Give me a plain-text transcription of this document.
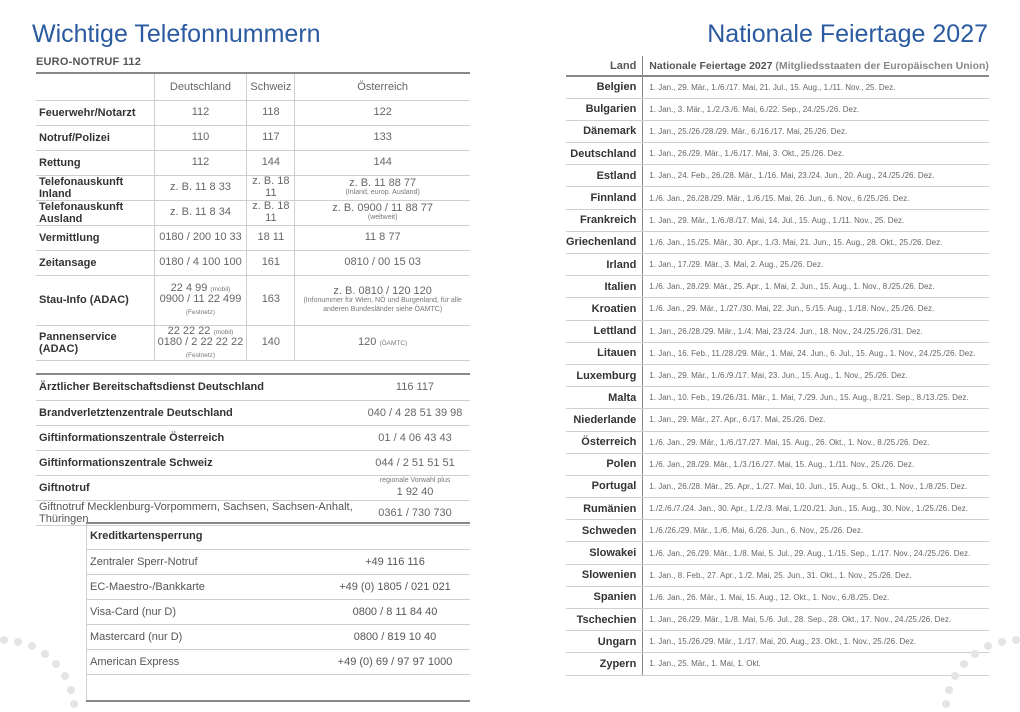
Wichtige Telefonnummern	Nationale Feiertage 2027
EURO-NOTRUF 112
	Deutschland	Schweiz	Österreich
Feuerwehr/Notarzt	112	118	122
Notruf/Polizei	110	117	133
Rettung	112	144	144
Telefonauskunft Inland	z. B. 11 8 33	z. B. 18 11	z. B. 11 88 77
(Inland, europ. Ausland)

Telefonauskunft Ausland	z. B. 11 8 34	z. B. 18 11	z. B. 0900 / 11 88 77
(weltweit)

Vermittlung	0180 / 200 10 33	18 11	11 8 77
Zeitansage	0180 / 4 100 100	161	0810 / 00 15 03
Stau-Info (ADAC)	22 4 99 (mobil)
0900 / 11 22 499 (Festnetz)	163	z. B. 0810 / 120 120
(Infonummer für Wien, NÖ und Burgenland, für alle anderen Bundesländer siehe ÖAMTC)

Pannenservice (ADAC)	22 22 22 (mobil)
0180 / 2 22 22 22 (Festnetz)	140	120 (ÖAMTC)
Ärztlicher Bereitschaftsdienst Deutschland	116 117
Brandverletztenzentrale Deutschland	040 / 4 28 51 39 98
Giftinformationszentrale Österreich	01 / 4 06 43 43
Giftinformationszentrale Schweiz	044 / 2 51 51 51
Giftnotruf	regionale Vorwahl plus
1 92 40
Giftnotruf Mecklenburg-Vorpommern, Sachsen, Sachsen-Anhalt, Thüringen	0361 / 730 730
Kreditkartensperrung	
Zentraler Sperr-Notruf	+49 116 116
EC-Maestro-/Bankkarte	+49 (0) 1805 / 021 021
Visa-Card (nur D)	0800 / 8 11 84 40
Mastercard (nur D)	0800 / 819 10 40
American Express	+49 (0) 69 / 97 97 1000
Land	Nationale Feiertage 2027 (Mitgliedsstaaten der Europäischen Union)
Belgien	1. Jan., 29. Mär., 1./6./17. Mai, 21. Jul., 15. Aug., 1./11. Nov., 25. Dez.
Bulgarien	1. Jan., 3. Mär., 1./2./3./6. Mai, 6./22. Sep., 24./25./26. Dez.
Dänemark	1. Jan., 25./26./28./29. Mär., 6./16./17. Mai, 25./26. Dez.
Deutschland	1. Jan., 26./29. Mär., 1./6./17. Mai, 3. Okt., 25./26. Dez.
Estland	1. Jan., 24. Feb., 26./28. Mär., 1./16. Mai, 23./24. Jun., 20. Aug., 24./25./26. Dez.
Finnland	1./6. Jan., 26./28./29. Mär., 1./6./15. Mai, 26. Jun., 6. Nov., 6./25./26. Dez.
Frankreich	1. Jan., 29. Mär., 1./6./8./17. Mai, 14. Jul., 15. Aug., 1./11. Nov., 25. Dez.
Griechenland	1./6. Jan., 15./25. Mär., 30. Apr., 1./3. Mai, 21. Jun., 15. Aug., 28. Okt., 25./26. Dez.
Irland	1. Jan., 17./29. Mär., 3. Mai, 2. Aug., 25./26. Dez.
Italien	1./6. Jan., 28./29. Mär., 25. Apr., 1. Mai, 2. Jun., 15. Aug., 1. Nov., 8./25./26. Dez.
Kroatien	1./6. Jan., 29. Mär., 1./27./30. Mai, 22. Jun., 5./15. Aug., 1./18. Nov., 25./26. Dez.
Lettland	1. Jan., 26./28./29. Mär., 1./4. Mai, 23./24. Jun., 18. Nov., 24./25./26./31. Dez.
Litauen	1. Jan., 16. Feb., 11./28./29. Mär., 1. Mai, 24. Jun., 6. Jul., 15. Aug., 1. Nov., 24./25./26. Dez.
Luxemburg	1. Jan., 29. Mär., 1./6./9./17. Mai, 23. Jun., 15. Aug., 1. Nov., 25./26. Dez.
Malta	1. Jan., 10. Feb., 19./26./31. Mär., 1. Mai, 7./29. Jun., 15. Aug., 8./21. Sep., 8./13./25. Dez.
Niederlande	1. Jan., 29. Mär., 27. Apr., 6./17. Mai, 25./26. Dez.
Österreich	1./6. Jan., 29. Mär., 1./6./17./27. Mai, 15. Aug., 26. Okt., 1. Nov., 8./25./26. Dez.
Polen	1./6. Jan., 28./29. Mär., 1./3./16./27. Mai, 15. Aug., 1./11. Nov., 25./26. Dez.
Portugal	1. Jan., 26./28. Mär., 25. Apr., 1./27. Mai, 10. Jun., 15. Aug., 5. Okt., 1. Nov., 1./8./25. Dez.
Rumänien	1./2./6./7./24. Jan., 30. Apr., 1./2./3. Mai, 1./20./21. Jun., 15. Aug., 30. Nov., 1./25./26. Dez.
Schweden	1./6./26./29. Mär., 1./6. Mai, 6./26. Jun., 6. Nov., 25./26. Dez.
Slowakei	1./6. Jan., 26./29. Mär., 1./8. Mai, 5. Jul., 29. Aug., 1./15. Sep., 1./17. Nov., 24./25./26. Dez.
Slowenien	1. Jan., 8. Feb., 27. Apr., 1./2. Mai, 25. Jun., 31. Okt., 1. Nov., 25./26. Dez.
Spanien	1./6. Jan., 26. Mär., 1. Mai, 15. Aug., 12. Okt., 1. Nov., 6./8./25. Dez.
Tschechien	1. Jan., 26./29. Mär., 1./8. Mai, 5./6. Jul., 28. Sep., 28. Okt., 17. Nov., 24./25./26. Dez.
Ungarn	1. Jan., 15./26./29. Mär., 1./17. Mai, 20. Aug., 23. Okt., 1. Nov., 25./26. Dez.
Zypern	1. Jan., 25. Mär., 1. Mai, 1. Okt.
